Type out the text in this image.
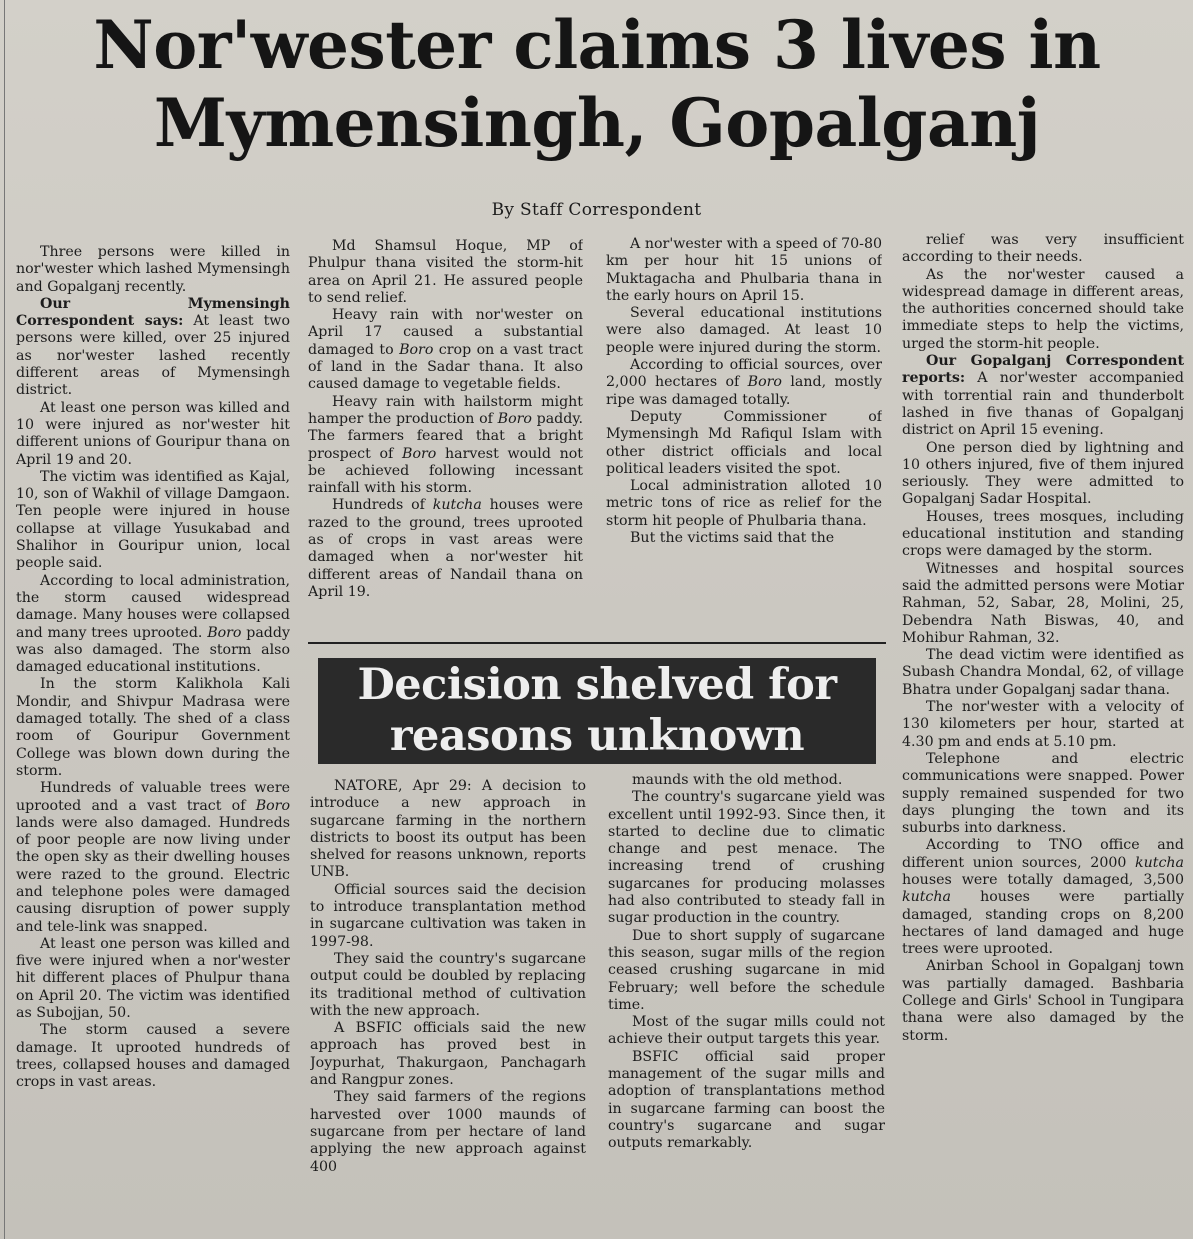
Nor'wester claims 3 lives in Mymensingh, Gopalganj
By Staff Correspondent

Three persons were killed in nor'wester which lashed Mymensingh and Gopalganj recently.

Our Mymensingh Correspondent says: At least two persons were killed, over 25 injured as nor'wester lashed recently different areas of Mymensingh district.

At least one person was killed and 10 were injured as nor'wester hit different unions of Gouripur thana on April 19 and 20.

The victim was identified as Kajal, 10, son of Wakhil of village Damgaon. Ten people were injured in house collapse at village Yusukabad and Shalihor in Gouripur union, local people said.

According to local administration, the storm caused widespread damage. Many houses were collapsed and many trees uprooted. Boro paddy was also damaged. The storm also damaged educational institutions.

In the storm Kalikhola Kali Mondir, and Shivpur Madrasa were damaged totally. The shed of a class room of Gouripur Government College was blown down during the storm.

Hundreds of valuable trees were uprooted and a vast tract of Boro lands were also damaged. Hundreds of poor people are now living under the open sky as their dwelling houses were razed to the ground. Electric and telephone poles were damaged causing disruption of power supply and tele-link was snapped.

At least one person was killed and five were injured when a nor'wester hit different places of Phulpur thana on April 20. The victim was identified as Subojjan, 50.

The storm caused a severe damage. It uprooted hundreds of trees, collapsed houses and damaged crops in vast areas.

Md Shamsul Hoque, MP of Phulpur thana visited the storm-hit area on April 21. He assured people to send relief.

Heavy rain with nor'wester on April 17 caused a substantial damaged to Boro crop on a vast tract of land in the Sadar thana. It also caused damage to vegetable fields.

Heavy rain with hailstorm might hamper the production of Boro paddy. The farmers feared that a bright prospect of Boro harvest would not be achieved following incessant rainfall with his storm.

Hundreds of kutcha houses were razed to the ground, trees uprooted as of crops in vast areas were damaged when a nor'wester hit different areas of Nandail thana on April 19.

A nor'wester with a speed of 70-80 km per hour hit 15 unions of Muktagacha and Phulbaria thana in the early hours on April 15.

Several educational institutions were also damaged. At least 10 people were injured during the storm.

According to official sources, over 2,000 hectares of Boro land, mostly ripe was damaged totally.

Deputy Commissioner of Mymensingh Md Rafiqul Islam with other district officials and local political leaders visited the spot.

Local administration alloted 10 metric tons of rice as relief for the storm hit people of Phulbaria thana.

But the victims said that the

relief was very insufficient according to their needs.

As the nor'wester caused a widespread damage in different areas, the authorities concerned should take immediate steps to help the victims, urged the storm-hit people.

Our Gopalganj Correspondent reports: A nor'wester accompanied with torrential rain and thunderbolt lashed in five thanas of Gopalganj district on April 15 evening.

One person died by lightning and 10 others injured, five of them injured seriously. They were admitted to Gopalganj Sadar Hospital.

Houses, trees mosques, including educational institution and standing crops were damaged by the storm.

Witnesses and hospital sources said the admitted persons were Motiar Rahman, 52, Sabar, 28, Molini, 25, Debendra Nath Biswas, 40, and Mohibur Rahman, 32.

The dead victim were identified as Subash Chandra Mondal, 62, of village Bhatra under Gopalganj sadar thana.

The nor'wester with a velocity of 130 kilometers per hour, started at 4.30 pm and ends at 5.10 pm.

Telephone and electric communications were snapped. Power supply remained suspended for two days plunging the town and its suburbs into darkness.

According to TNO office and different union sources, 2000 kutcha houses were totally damaged, 3,500 kutcha houses were partially damaged, standing crops on 8,200 hectares of land damaged and huge trees were uprooted.

Anirban School in Gopalganj town was partially damaged. Bashbaria College and Girls' School in Tungipara thana were also damaged by the storm.

Decision shelved for reasons unknown

NATORE, Apr 29: A decision to introduce a new approach in sugarcane farming in the northern districts to boost its output has been shelved for reasons unknown, reports UNB.

Official sources said the decision to introduce transplantation method in sugarcane cultivation was taken in 1997-98.

They said the country's sugarcane output could be doubled by replacing its traditional method of cultivation with the new approach.

A BSFIC officials said the new approach has proved best in Joypurhat, Thakurgaon, Panchagarh and Rangpur zones.

They said farmers of the regions harvested over 1000 maunds of sugarcane from per hectare of land applying the new approach against 400

maunds with the old method.

The country's sugarcane yield was excellent until 1992-93. Since then, it started to decline due to climatic change and pest menace. The increasing trend of crushing sugarcanes for producing molasses had also contributed to steady fall in sugar production in the country.

Due to short supply of sugarcane this season, sugar mills of the region ceased crushing sugarcane in mid February; well before the schedule time.

Most of the sugar mills could not achieve their output targets this year.

BSFIC official said proper management of the sugar mills and adoption of transplantations method in sugarcane farming can boost the country's sugarcane and sugar outputs remarkably.
